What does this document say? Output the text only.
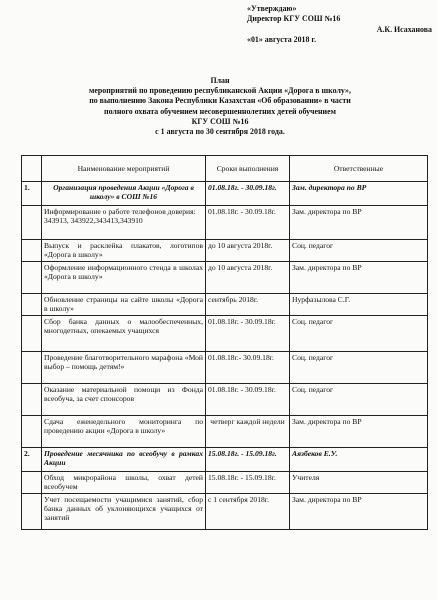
«Утверждаю»
Директор КГУ СОШ №16
А.К. Исаханова
«01» августа 2018 г.
План
мероприятий по проведению республиканской Акции «Дорога в школу»,
по выполнению Закона Республики Казахстан «Об образовании» в части
полного охвата обучением несовершеннолетних детей обучением
КГУ СОШ №16
с 1 августа по 30 сентября 2018 года.
	Наименование мероприятий	Сроки выполнения	Ответственные
1.	Организация проведения Акции «Дорога в школу» в СОШ №16	01.08.18г. - 30.09.18г.	Зам. директора по ВР
	Информирование о работе телефонов доверия: 343913, 343922,343413,343910	01.08.18г. - 30.09.18г.	Зам. директора по ВР
	Выпуск и расклейка плакатов, логотипов «Дорога в школу»	до 10 августа 2018г.	Соц. педагог
	Оформление информационного стенда в школах «Дорога в школу»	до 10 августа 2018г.	Зам. директора по ВР
	Обновление страницы на сайте школы «Дорога в школу»	сентябрь 2018г.	Нурфазылова С.Г.
	Сбор банка данных о малообеспеченных, многодетных, опекаемых учащихся	01.08.18г. - 30.09.18г.	Соц. педагог
	Проведение благотворительного марафона «Мой выбор – помощь детям!»	01.08.18г.- 30.09.18г.	Соц. педагог
	Оказание материальной помощи из Фонда всеобуча, за счет спонсоров	01.08.18г. - 30.09.18г.	Соц. педагог
	Сдача еженедельного мониторинга по проведению акции «Дорога в школу»	четверг каждой недели	Зам. директора по ВР
2.	Проведение месячника по всеобучу в рамках Акции	15.08.18г. - 15.09.18г.	Аязбеков Е.У.
	Обход микрорайона школы, охват детей всеобучем	15.08.18г. - 15.09.18г.	Учителя
	Учет посещаемости учащимися занятий, сбор банка данных об уклоняющихся учащихся от занятий	с 1 сентября 2018г.	Зам. директора по ВР
